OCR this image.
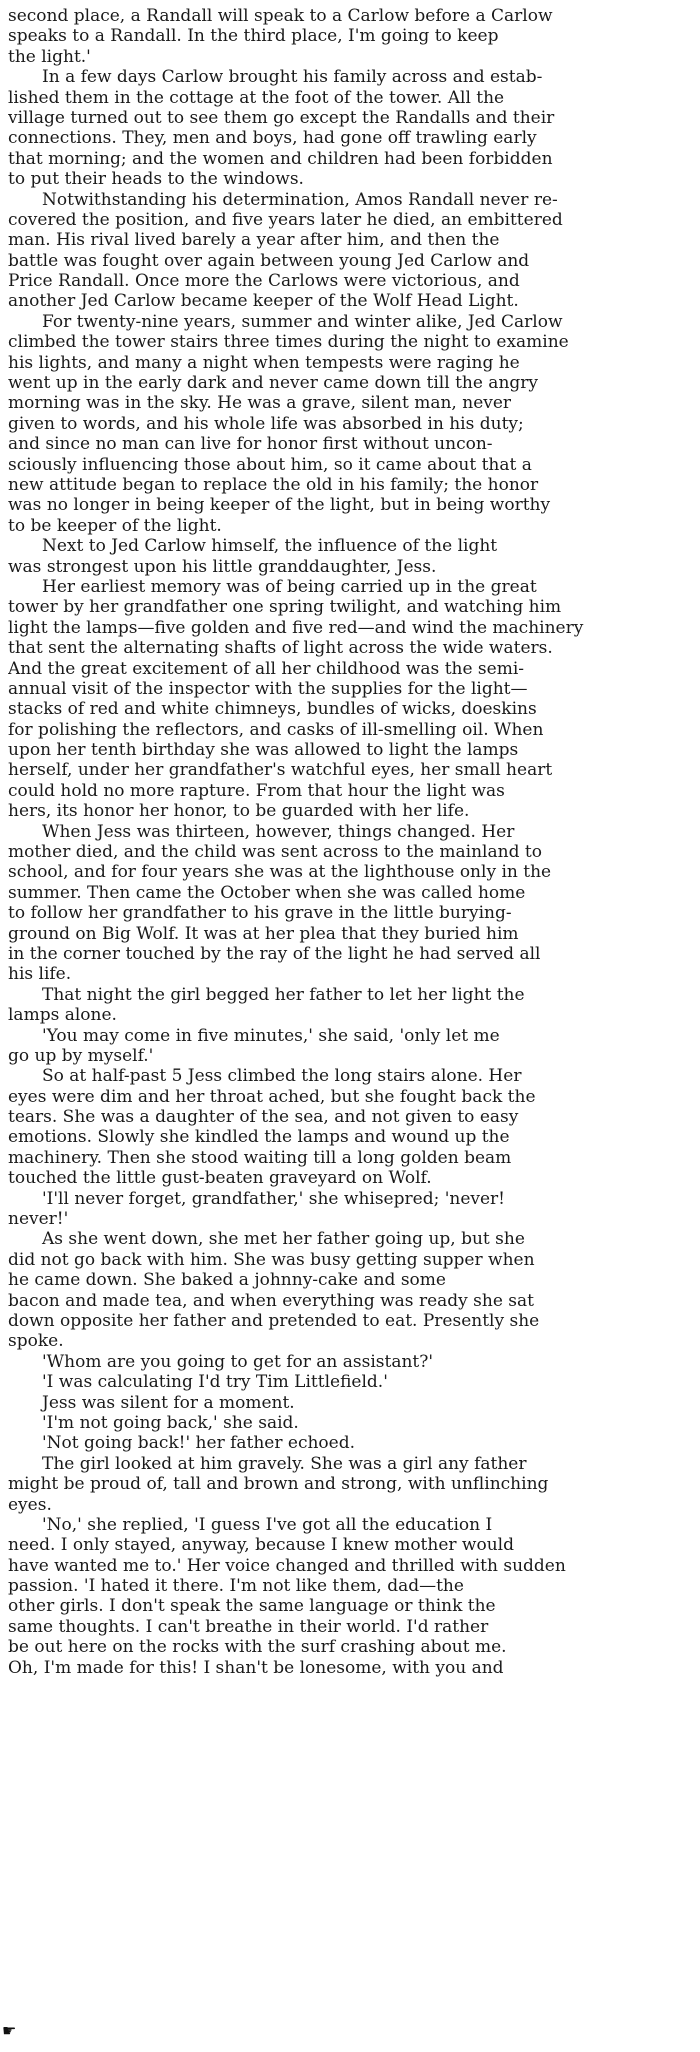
second place, a Randall will speak to a Carlow before a Carlow
speaks to a Randall. In the third place, I'm going to keep
the light.'
In a few days Carlow brought his family across and estab-
lished them in the cottage at the foot of the tower. All the
village turned out to see them go except the Randalls and their
connections. They, men and boys, had gone off trawling early
that morning; and the women and children had been forbidden
to put their heads to the windows.
Notwithstanding his determination, Amos Randall never re-
covered the position, and five years later he died, an embittered
man. His rival lived barely a year after him, and then the
battle was fought over again between young Jed Carlow and
Price Randall. Once more the Carlows were victorious, and
another Jed Carlow became keeper of the Wolf Head Light.
For twenty-nine years, summer and winter alike, Jed Carlow
climbed the tower stairs three times during the night to examine
his lights, and many a night when tempests were raging he
went up in the early dark and never came down till the angry
morning was in the sky. He was a grave, silent man, never
given to words, and his whole life was absorbed in his duty;
and since no man can live for honor first without uncon-
sciously influencing those about him, so it came about that a
new attitude began to replace the old in his family; the honor
was no longer in being keeper of the light, but in being worthy
to be keeper of the light.
Next to Jed Carlow himself, the influence of the light
was strongest upon his little granddaughter, Jess.
Her earliest memory was of being carried up in the great
tower by her grandfather one spring twilight, and watching him
light the lamps—five golden and five red—and wind the machinery
that sent the alternating shafts of light across the wide waters.
And the great excitement of all her childhood was the semi-
annual visit of the inspector with the supplies for the light—
stacks of red and white chimneys, bundles of wicks, doeskins
for polishing the reflectors, and casks of ill-smelling oil. When
upon her tenth birthday she was allowed to light the lamps
herself, under her grandfather's watchful eyes, her small heart
could hold no more rapture. From that hour the light was
hers, its honor her honor, to be guarded with her life.
When Jess was thirteen, however, things changed. Her
mother died, and the child was sent across to the mainland to
school, and for four years she was at the lighthouse only in the
summer. Then came the October when she was called home
to follow her grandfather to his grave in the little burying-
ground on Big Wolf. It was at her plea that they buried him
in the corner touched by the ray of the light he had served all
his life.
That night the girl begged her father to let her light the
lamps alone.
'You may come in five minutes,' she said, 'only let me
go up by myself.'
So at half-past 5 Jess climbed the long stairs alone. Her
eyes were dim and her throat ached, but she fought back the
tears. She was a daughter of the sea, and not given to easy
emotions. Slowly she kindled the lamps and wound up the
machinery. Then she stood waiting till a long golden beam
touched the little gust-beaten graveyard on Wolf.
'I'll never forget, grandfather,' she whisepred; 'never!
never!'
As she went down, she met her father going up, but she
did not go back with him. She was busy getting supper when
he came down. She baked a johnny-cake and some
bacon and made tea, and when everything was ready she sat
down opposite her father and pretended to eat. Presently she
spoke.
'Whom are you going to get for an assistant?'
'I was calculating I'd try Tim Littlefield.'
Jess was silent for a moment.
'I'm not going back,' she said.
'Not going back!' her father echoed.
The girl looked at him gravely. She was a girl any father
might be proud of, tall and brown and strong, with unflinching
eyes.
'No,' she replied, 'I guess I've got all the education I
need. I only stayed, anyway, because I knew mother would
have wanted me to.' Her voice changed and thrilled with sudden
passion. 'I hated it there. I'm not like them, dad—the
other girls. I don't speak the same language or think the
same thoughts. I can't breathe in their world. I'd rather
be out here on the rocks with the surf crashing about me.
Oh, I'm made for this! I shan't be lonesome, with you and
☛
